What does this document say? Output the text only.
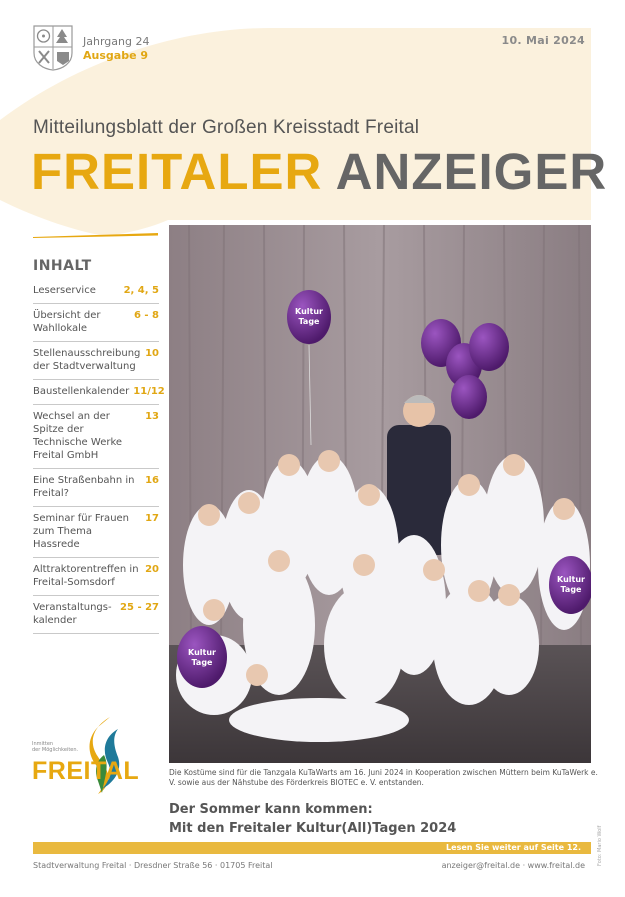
Jahrgang 24
Ausgabe 9
10. Mai 2024
Mitteilungsblatt der Großen Kreisstadt Freital
FREITALER ANZEIGER
INHALT
Leserservice	2, 4, 5
Übersicht der Wahllokale
6 - 8
Stellenausschreibung der Stadtverwaltung
10
Baustellenkalender 11/12
Wechsel an der Spitze der Technische Werke Freital GmbH
13
Eine Straßenbahn in Freital?
16
Seminar für Frauen zum Thema Hassrede
17
Alttraktorentreffen in Freital-Somsdorf
20
Veranstaltungs-kalender
25 - 27
Kultur
Tage
Kultur
Tage
Kultur
Tage
Die Kostüme sind für die Tanzgala KuTaWarts am 16. Juni 2024 in Kooperation zwischen Müttern beim KuTaWerk e. V. sowie aus der Nähstube des Förderkreis BIOTEC e. V. entstanden.
Der Sommer kann kommen:
Mit den Freitaler Kultur(All)Tagen 2024
Inmitten
der Möglichkeiten.
FREITAL
Lesen Sie weiter auf Seite 12.
Stadtverwaltung Freital · Dresdner Straße 56 · 01705 Freital	anzeiger@freital.de · www.freital.de Foto: Mario Wolf
